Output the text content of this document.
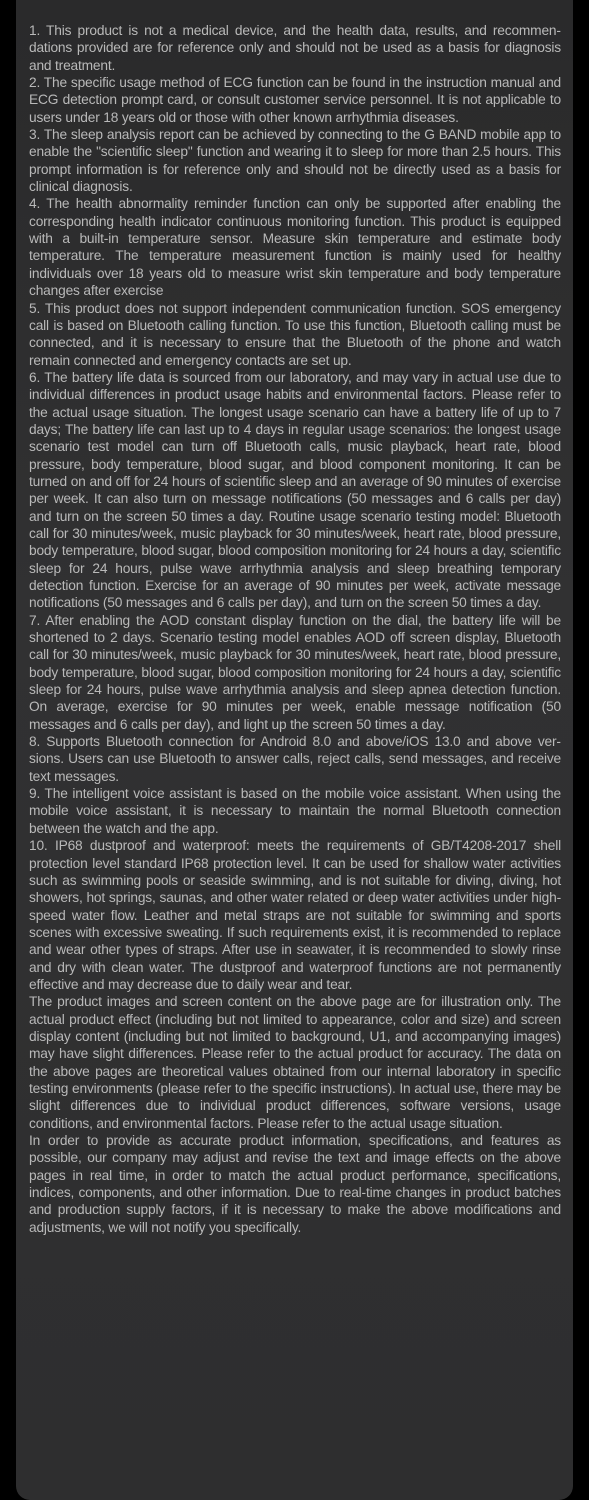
1. This product is not a medical device, and the health data, results, and recommendations provided are for reference only and should not be used as a basis for diagnosis and treatment.

2. The specific usage method of ECG function can be found in the instruction manual and ECG detection prompt card, or consult customer service personnel. It is not applicable to users under 18 years old or those with other known arrhythmia diseases.

3. The sleep analysis report can be achieved by connecting to the G BAND mobile app to enable the "scientific sleep" function and wearing it to sleep for more than 2.5 hours. This prompt information is for reference only and should not be directly used as a basis for clinical diagnosis.

4. The health abnormality reminder function can only be supported after enabling the corresponding health indicator continuous monitoring function. This product is equipped with a built-in temperature sensor. Measure skin temperature and estimate body temperature. The temperature measurement function is mainly used for healthy individuals over 18 years old to measure wrist skin temperature and body temperature changes after exercise

5. This product does not support independent communication function. SOS emergency call is based on Bluetooth calling function. To use this function, Bluetooth calling must be connected, and it is necessary to ensure that the Bluetooth of the phone and watch remain connected and emergency contacts are set up.

6. The battery life data is sourced from our laboratory, and may vary in actual use due to individual differences in product usage habits and environmental factors. Please refer to the actual usage situation. The longest usage scenario can have a battery life of up to 7 days; The battery life can last up to 4 days in regular usage scenarios: the longest usage scenario test model can turn off Bluetooth calls, music playback, heart rate, blood pressure, body temperature, blood sugar, and blood component monitoring. It can be turned on and off for 24 hours of scientific sleep and an average of 90 minutes of exercise per week. It can also turn on message notifications (50 messages and 6 calls per day) and turn on the screen 50 times a day. Routine usage scenario testing model: Bluetooth call for 30 minutes/week, music playback for 30 minutes/week, heart rate, blood pressure, body temperature, blood sugar, blood composition monitoring for 24 hours a day, scientific sleep for 24 hours, pulse wave arrhythmia analysis and sleep breathing temporary detection function. Exercise for an average of 90 minutes per week, activate message notifications (50 messages and 6 calls per day), and turn on the screen 50 times a day.

7. After enabling the AOD constant display function on the dial, the battery life will be shortened to 2 days. Scenario testing model enables AOD off screen display, Bluetooth call for 30 minutes/week, music playback for 30 minutes/week, heart rate, blood pressure, body temperature, blood sugar, blood composition monitoring for 24 hours a day, scientific sleep for 24 hours, pulse wave arrhythmia analysis and sleep apnea detection function. On average, exercise for 90 minutes per week, enable message notification (50 messages and 6 calls per day), and light up the screen 50 times a day.

8. Supports Bluetooth connection for Android 8.0 and above/iOS 13.0 and above versions. Users can use Bluetooth to answer calls, reject calls, send messages, and receive text messages.

9. The intelligent voice assistant is based on the mobile voice assistant. When using the mobile voice assistant, it is necessary to maintain the normal Bluetooth connection between the watch and the app.

10. IP68 dustproof and waterproof: meets the requirements of GB/T4208-2017 shell protection level standard IP68 protection level. It can be used for shallow water activities such as swimming pools or seaside swimming, and is not suitable for diving, diving, hot showers, hot springs, saunas, and other water related or deep water activities under high-speed water flow. Leather and metal straps are not suitable for swimming and sports scenes with excessive sweating. If such requirements exist, it is recommended to replace and wear other types of straps. After use in seawater, it is recommended to slowly rinse and dry with clean water. The dustproof and waterproof functions are not permanently effective and may decrease due to daily wear and tear.

The product images and screen content on the above page are for illustration only. The actual product effect (including but not limited to appearance, color and size) and screen display content (including but not limited to background, U1, and accompanying images) may have slight differences. Please refer to the actual product for accuracy. The data on the above pages are theoretical values obtained from our internal laboratory in specific testing environments (please refer to the specific instructions). In actual use, there may be slight differences due to individual product differences, software versions, usage conditions, and environmental factors. Please refer to the actual usage situation.

In order to provide as accurate product information, specifications, and features as possible, our company may adjust and revise the text and image effects on the above pages in real time, in order to match the actual product performance, specifications, indices, components, and other information. Due to real-time changes in product batches and production supply factors, if it is necessary to make the above modifications and adjustments, we will not notify you specifically.
